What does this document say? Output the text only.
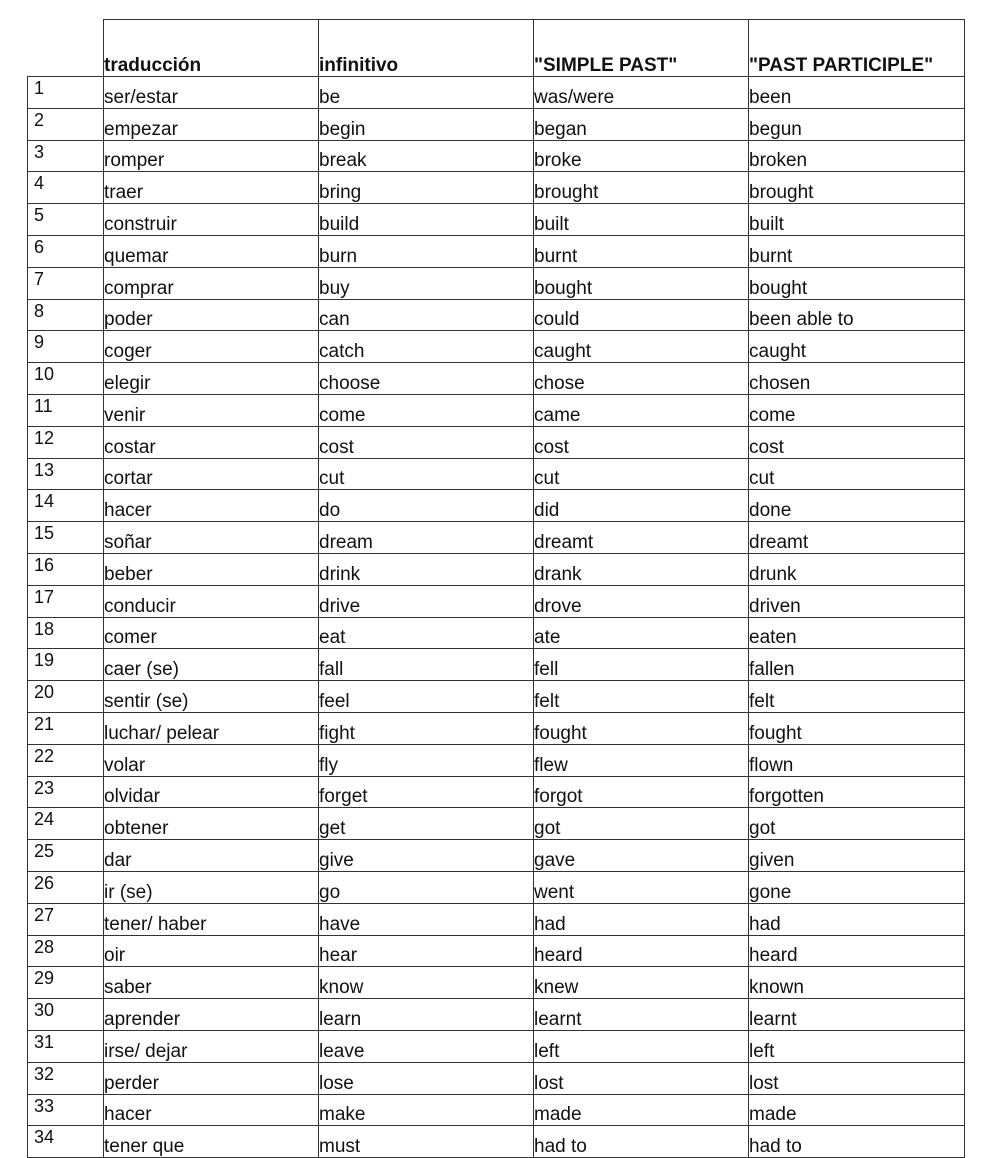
	traducción	infinitivo	"SIMPLE PAST"	"PAST PARTICIPLE"
1	ser/estar	be	was/were	been
2	empezar	begin	began	begun
3	romper	break	broke	broken
4	traer	bring	brought	brought
5	construir	build	built	built
6	quemar	burn	burnt	burnt
7	comprar	buy	bought	bought
8	poder	can	could	been able to
9	coger	catch	caught	caught
10	elegir	choose	chose	chosen
11	venir	come	came	come
12	costar	cost	cost	cost
13	cortar	cut	cut	cut
14	hacer	do	did	done
15	soñar	dream	dreamt	dreamt
16	beber	drink	drank	drunk
17	conducir	drive	drove	driven
18	comer	eat	ate	eaten
19	caer (se)	fall	fell	fallen
20	sentir (se)	feel	felt	felt
21	luchar/ pelear	fight	fought	fought
22	volar	fly	flew	flown
23	olvidar	forget	forgot	forgotten
24	obtener	get	got	got
25	dar	give	gave	given
26	ir (se)	go	went	gone
27	tener/ haber	have	had	had
28	oir	hear	heard	heard
29	saber	know	knew	known
30	aprender	learn	learnt	learnt
31	irse/ dejar	leave	left	left
32	perder	lose	lost	lost
33	hacer	make	made	made
34	tener que	must	had to	had to
